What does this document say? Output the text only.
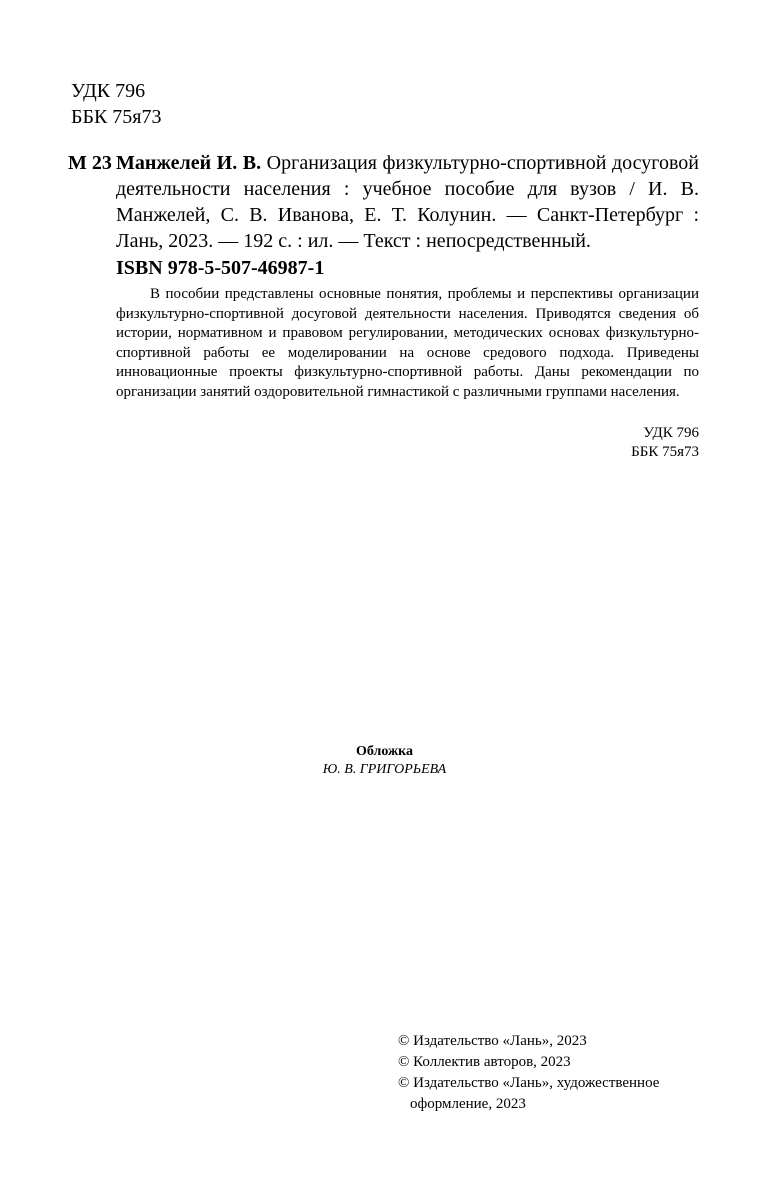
УДК 796
ББК 75я73
М 23 Манжелей И. В. Организация физкультурно-спортивной досуговой деятельности населения : учебное пособие для вузов / И. В. Манжелей, С. В. Иванова, Е. Т. Колунин. — Санкт-Петербург : Лань, 2023. — 192 с. : ил. — Текст : непосредственный.
ISBN 978-5-507-46987-1

В пособии представлены основные понятия, проблемы и перспективы организации физкультурно-спортивной досуговой деятельности населения. Приводятся сведения об истории, нормативном и правовом регулировании, методических основах физкультурно-спортивной работы ее моделировании на основе средового подхода. Приведены инновационные проекты физкультурно-спортивной работы. Даны рекомендации по организации занятий оздоровительной гимнастикой с различными группами населения.

УДК 796
ББК 75я73
Обложка
Ю. В. ГРИГОРЬЕВА
© Издательство «Лань», 2023
© Коллектив авторов, 2023
© Издательство «Лань», художественное
оформление, 2023
